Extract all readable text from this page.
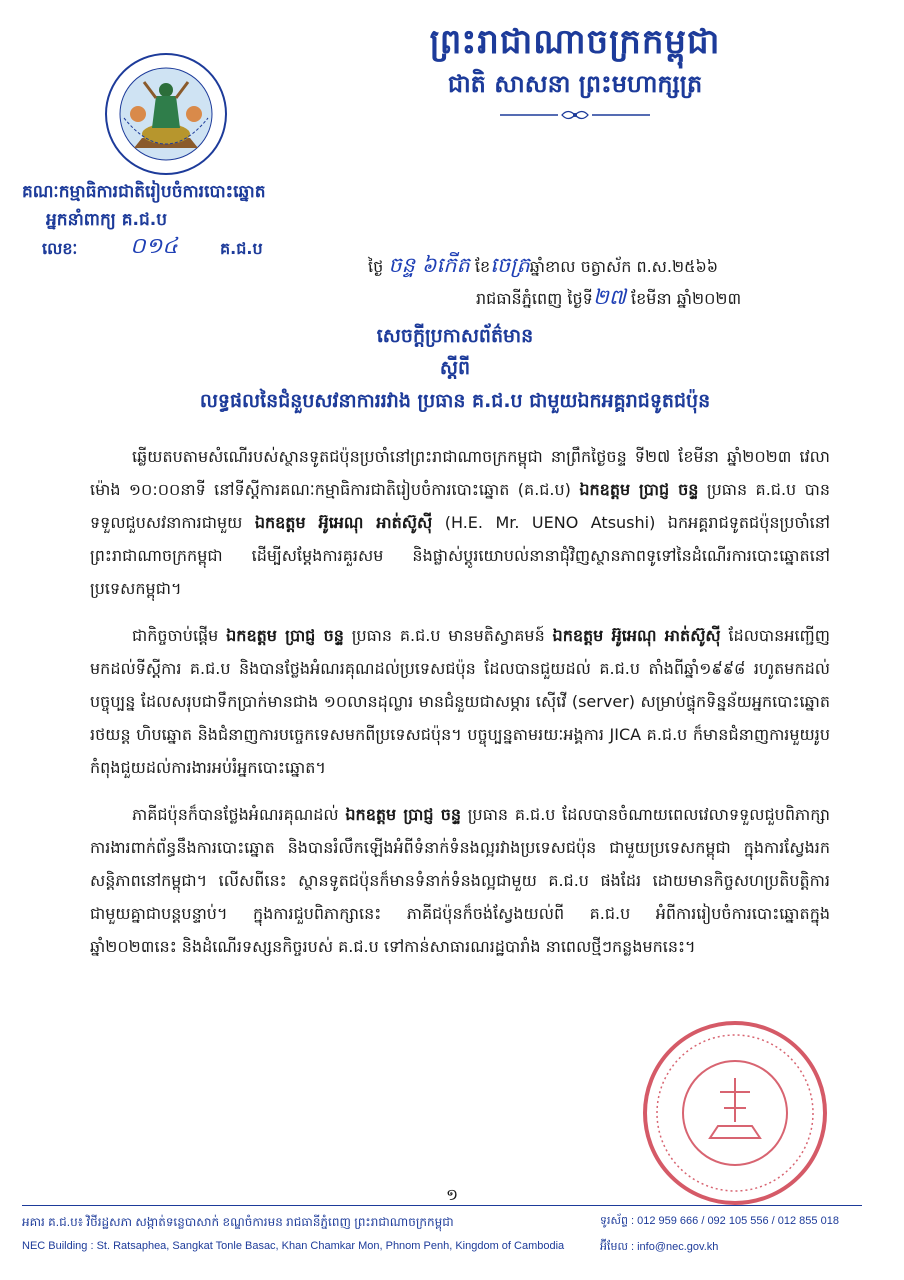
ព្រះរាជាណាចក្រកម្ពុជា
ជាតិ សាសនា ព្រះមហាក្សត្រ
គណៈកម្មាធិការជាតិរៀបចំការបោះឆ្នោត
អ្នកនាំពាក្យ គ.ជ.ប
លេខៈ ០១៤	គ.ជ.ប
ថ្ងៃ ចន្ទ ៦កើត ខែចេត្រឆ្នាំខាល ចត្វាស័ក ព.ស.២៥៦៦
រាជធានីភ្នំពេញ ថ្ងៃទី២៧ ខែមីនា ឆ្នាំ២០២៣
សេចក្តីប្រកាសព័ត៌មាន
ស្តីពី
លទ្ធផលនៃជំនួបសវនាការរវាង ប្រធាន គ.ជ.ប ជាមួយឯកអគ្គរាជទូតជប៉ុន

ឆ្លើយតបតាមសំណើរបស់ស្ថានទូតជប៉ុនប្រចាំនៅព្រះរាជាណាចក្រកម្ពុជា នាព្រឹកថ្ងៃចន្ទ ទី២៧ ខែមីនា ឆ្នាំ២០២៣ វេលាម៉ោង ១០:០០នាទី នៅទីស្តីការគណៈកម្មាធិការជាតិរៀបចំការបោះឆ្នោត (គ.ជ.ប) ឯកឧត្តម ប្រាជ្ញ ចន្ទ ប្រធាន គ.ជ.ប បានទទួលជួបសវនាការជាមួយ ឯកឧត្តម អ៊ូអេណុ អាត់ស៊ូស៊ី (H.E. Mr. UENO Atsushi) ឯកអគ្គរាជទូតជប៉ុនប្រចាំនៅព្រះរាជាណាចក្រកម្ពុជា ដើម្បីសម្តែងការគួរសម និងផ្លាស់ប្តូរយោបល់នានាជុំវិញស្ថានភាពទូទៅនៃដំណើរការបោះឆ្នោតនៅប្រទេសកម្ពុជា។

ជាកិច្ចចាប់ផ្តើម ឯកឧត្តម ប្រាជ្ញ ចន្ទ ប្រធាន គ.ជ.ប មានមតិស្វាគមន៍ ឯកឧត្តម អ៊ូអេណុ អាត់ស៊ូស៊ី ដែលបានអញ្ជើញមកដល់ទីស្តីការ គ.ជ.ប និងបានថ្លែងអំណរគុណដល់ប្រទេសជប៉ុន ដែលបានជួយដល់ គ.ជ.ប តាំងពីឆ្នាំ១៩៩៨ រហូតមកដល់បច្ចុប្បន្ន ដែលសរុបជាទឹកប្រាក់មានជាង ១០លានដុល្លារ មានជំនួយជាសម្ភារ ស៊ើវើ (server) សម្រាប់ផ្ទុកទិន្នន័យអ្នកបោះឆ្នោត រថយន្ត ហិបឆ្នោត និងជំនាញការបច្ចេកទេសមកពីប្រទេសជប៉ុន។ បច្ចុប្បន្នតាមរយៈអង្គការ JICA គ.ជ.ប ក៏មានជំនាញការមួយរូបកំពុងជួយដល់ការងារអប់រំអ្នកបោះឆ្នោត។

ភាគីជប៉ុនក៏បានថ្លែងអំណរគុណដល់ ឯកឧត្តម ប្រាជ្ញ ចន្ទ ប្រធាន គ.ជ.ប ដែលបានចំណាយពេលវេលាទទួលជួបពិភាក្សាការងារពាក់ព័ន្ធនឹងការបោះឆ្នោត និងបានរំលឹកឡើងអំពីទំនាក់ទំនងល្អរវាងប្រទេសជប៉ុន ជាមួយប្រទេសកម្ពុជា ក្នុងការស្វែងរកសន្តិភាពនៅកម្ពុជា។ លើសពីនេះ ស្ថានទូតជប៉ុនក៏មានទំនាក់ទំនងល្អជាមួយ គ.ជ.ប ផងដែរ ដោយមានកិច្ចសហប្រតិបត្តិការជាមួយគ្នាជាបន្តបន្ទាប់។ ក្នុងការជួបពិភាក្សានេះ ភាគីជប៉ុនក៏ចង់ស្វែងយល់ពី គ.ជ.ប អំពីការរៀបចំការបោះឆ្នោតក្នុងឆ្នាំ២០២៣នេះ និងដំណើរទស្សនកិច្ចរបស់ គ.ជ.ប ទៅកាន់សាធារណរដ្ឋបារាំង នាពេលថ្មីៗកន្លងមកនេះ។

១
អគារ គ.ជ.ប៖ វិថីរដ្ឋសភា សង្កាត់ទន្លេបាសាក់ ខណ្ឌចំការមន រាជធានីភ្នំពេញ ព្រះរាជាណាចក្រកម្ពុជា
NEC Building : St. Ratsaphea, Sangkat Tonle Basac, Khan Chamkar Mon, Phnom Penh, Kingdom of Cambodia
ទូរស័ព្ទ : 012 959 666 / 092 105 556 / 012 855 018
អ៊ីមែល : info@nec.gov.kh
